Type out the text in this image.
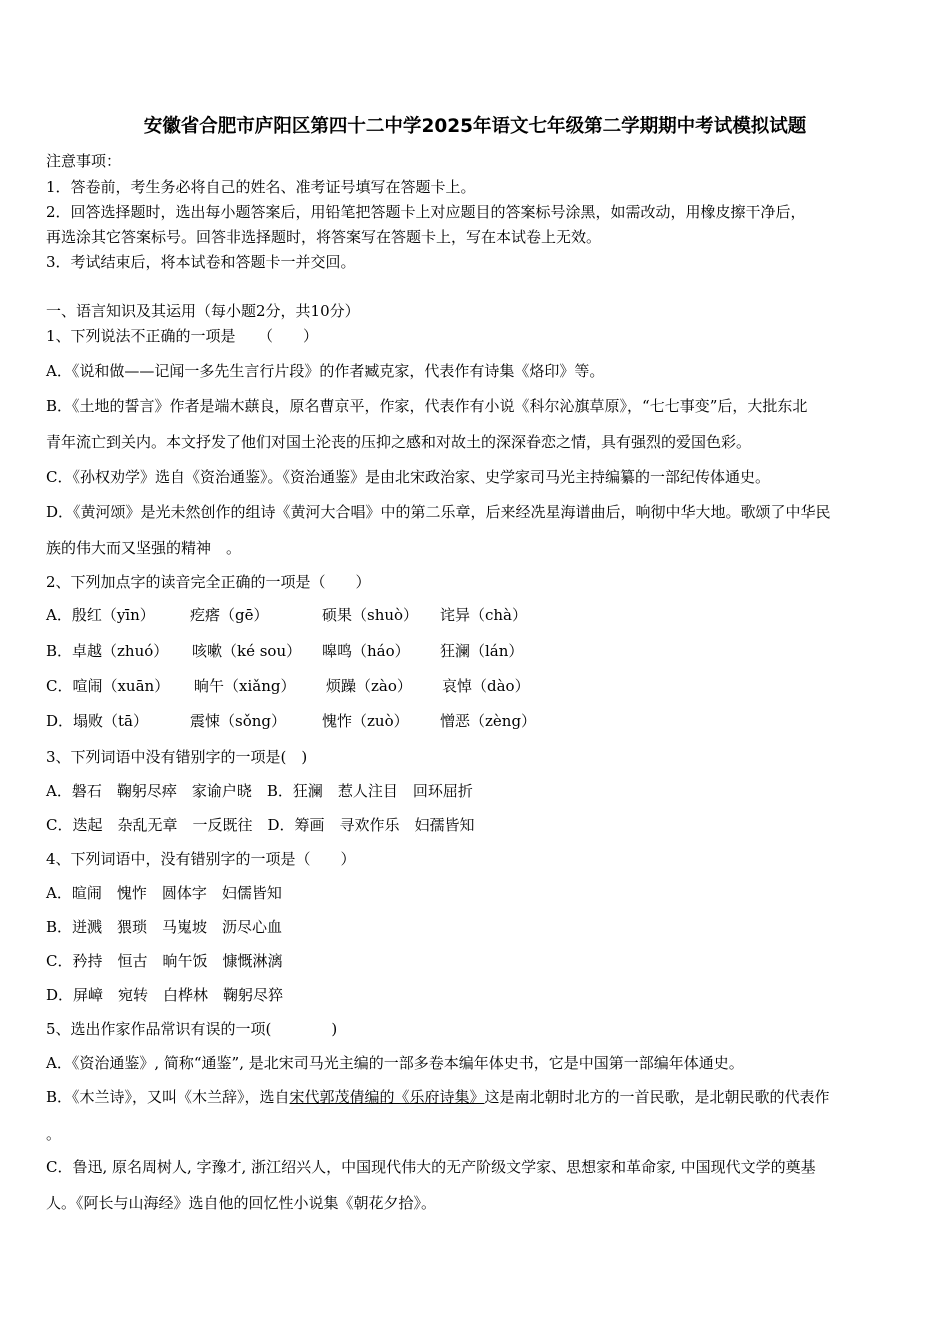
安徽省合肥市庐阳区第四十二中学2025年语文七年级第二学期期中考试模拟试题
注意事项：
1．答卷前，考生务必将自己的姓名、准考证号填写在答题卡上。
2．回答选择题时，选出每小题答案后，用铅笔把答题卡上对应题目的答案标号涂黑，如需改动，用橡皮擦干净后，
再选涂其它答案标号。回答非选择题时，将答案写在答题卡上，写在本试卷上无效。
3．考试结束后，将本试卷和答题卡一并交回。
一、语言知识及其运用（每小题2分，共10分）
1、下列说法不正确的一项是　　（　　）
A．《说和做——记闻一多先生言行片段》的作者臧克家，代表作有诗集《烙印》等。
B．《土地的誓言》作者是端木蕻良，原名曹京平，作家，代表作有小说《科尔沁旗草原》，“七七事变”后，大批东北
青年流亡到关内。本文抒发了他们对国土沦丧的压抑之感和对故土的深深眷恋之情，具有强烈的爱国色彩。
C．《孙权劝学》选自《资治通鉴》。《资治通鉴》是由北宋政治家、史学家司马光主持编纂的一部纪传体通史。
D．《黄河颂》是光未然创作的组诗《黄河大合唱》中的第二乐章，后来经冼星海谱曲后，响彻中华大地。歌颂了中华民
族的伟大而又坚强的精神　。
2、下列加点字的读音完全正确的一项是（　　）
A．殷红（yīn） 疙瘩（gē）	硕果（shuò） 诧异（chà）
B．卓越（zhuó） 咳嗽（ké sou） 嗥鸣（háo） 狂澜（lán）
C．喧闹（xuān） 晌午（xiǎng） 烦躁（zào） 哀悼（dào）
D．塌败（tā）	震悚（sǒng） 愧怍（zuò） 憎恶（zèng）
3、下列词语中没有错别字的一项是(　)
A．磐石　鞠躬尽瘁　家谕户晓　B．狂澜　惹人注目　回环屈折
C．迭起　杂乱无章　一反既往　D．筹画　寻欢作乐　妇孺皆知
4、下列词语中，没有错别字的一项是（　　）
A．暄闹　愧怍　圆体字　妇儒皆知
B．迸溅　猥琐　马嵬坡　沥尽心血
C．矜持　恒古　晌午饭　慷慨淋漓
D．屏嶂　宛转　白桦林　鞠躬尽猝
5、选出作家作品常识有误的一项(　　　　)
A．《资治通鉴》, 简称“通鉴”, 是北宋司马光主编的一部多卷本编年体史书，它是中国第一部编年体通史。
B．《木兰诗》，又叫《木兰辞》，选自宋代郭茂倩编的《乐府诗集》这是南北朝时北方的一首民歌，是北朝民歌的代表作
。
C．鲁迅, 原名周树人, 字豫才, 浙江绍兴人，中国现代伟大的无产阶级文学家、思想家和革命家, 中国现代文学的奠基
人。《阿长与山海经》选自他的回忆性小说集《朝花夕拾》。
